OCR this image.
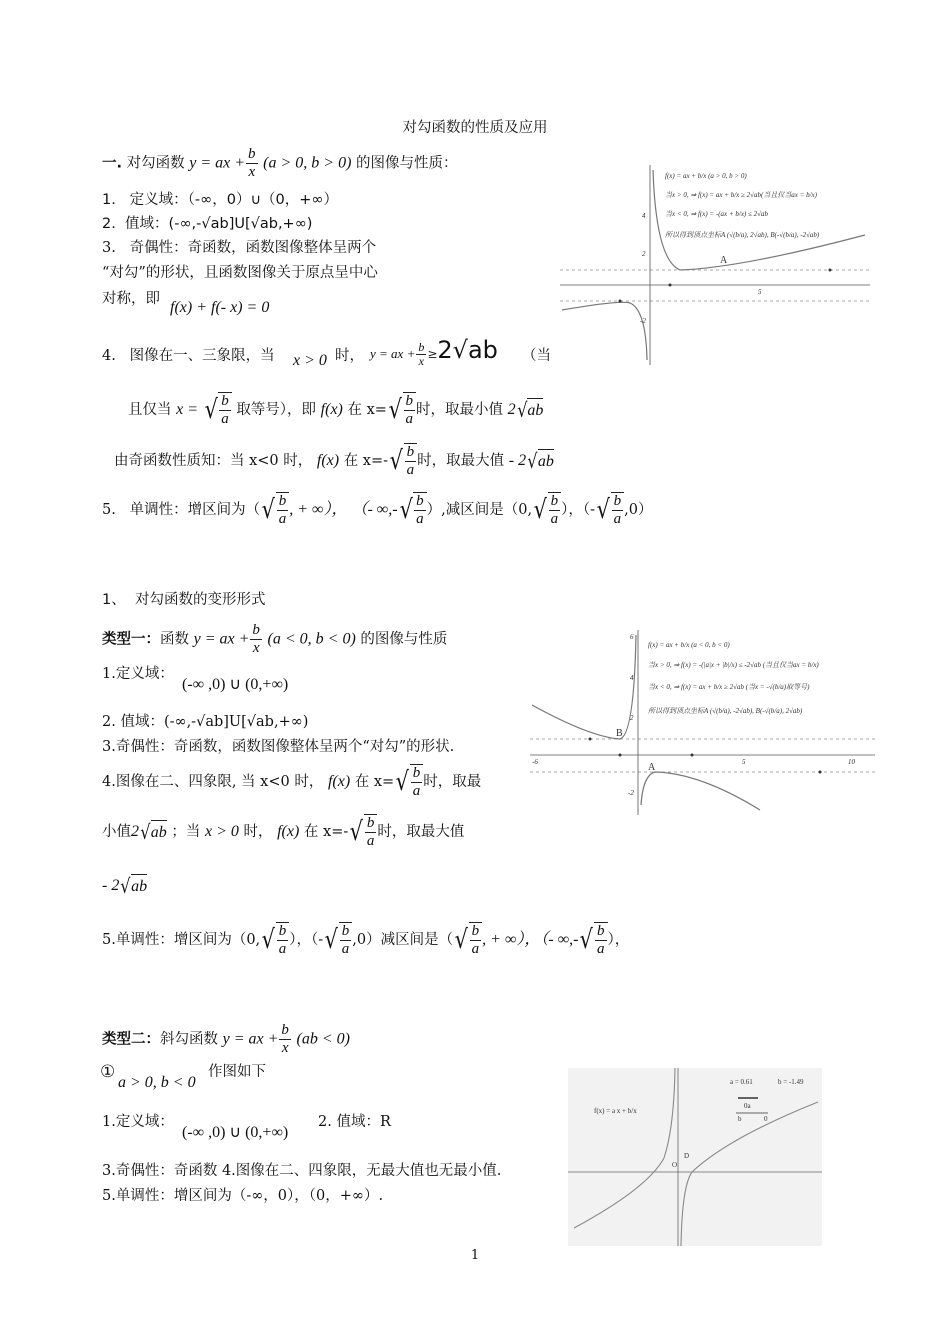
对勾函数的性质及应用
一. 对勾函数 y = ax + $\frac{b}{x} (a > 0$, b > 0) 的图像与性质：
1.   定义域：（-∞，0）∪（0，+∞）
2.  值域：(-∞,-√ab]U[√ab,+∞)
3.   奇偶性：奇函数，函数图像整体呈两个
“对勾”的形状，且函数图像关于原点呈中心
对称，即 f(x) + f(- x) = 0
4.   图像在一、三象限，当 x > 0 时， y = ax + $\frac{b}{x} \ge 2√ab$ （当
且仅当 x = √ $\frac{b}{a}$ 取等号），即 f(x) 在 x= √ $\frac{b}{a}$ 时，取最小值 2 √ ab
由奇函数性质知：当 x<0 时， f(x) 在 x=- √ $\frac{b}{a}$ 时，取最大值 - 2 √ ab
5.   单调性：增区间为（ √ $\frac{b}{a}$ , + ∞）， （- ∞,- √ $\frac{b}{a}$ ）,减区间是（0, √ $\frac{b}{a}$ ），（- √ $\frac{b}{a} ,0$）
A
4
2
-2
5
f(x) = ax + b/x (a > 0, b > 0)
当x > 0, ⇒ f(x) = ax + b/x ≥ 2√ab(当且仅当ax = b/x)
当x < 0, ⇒ f(x) = -(ax + b/x) ≤ 2√ab
所以得到顶点坐标A (√(b/a), 2√ab), B(-√(b/a), -2√ab)
1、  对勾函数的变形形式
类型一：函数 y = ax + $\frac{b}{x} (a < 0$, b < 0) 的图像与性质
1.定义域：
(-∞ ,0) ∪ (0,+∞)
2. 值域：(-∞,-√ab]U[√ab,+∞)
3.奇偶性：奇函数，函数图像整体呈两个“对勾”的形状.
4.图像在二、四象限, 当 x<0 时， f(x) 在 x= √ $\frac{b}{a}$ 时，取最
小值2 √ ab ；当 x > 0 时， f(x) 在 x=- √ $\frac{b}{a}$ 时，取最大值
- 2 √ ab
5.单调性：增区间为（0, √ $\frac{b}{a}$ ），（- √ $\frac{b}{a} ,0$）减区间是（ √ $\frac{b}{a}$ , + ∞），（- ∞,- √ $\frac{b}{a}$ ），
B
A
6
4
2
-2
-6	5	10
f(x) = ax + b/x (a < 0, b < 0)
当x > 0, ⇒ f(x) = -(|a|x + |b|/x) ≤ -2√ab (当且仅当ax = b/x)
当x < 0, ⇒ f(x) = ax + b/x ≥ 2√ab (当x = -√(b/a)取等号)
所以得到顶点坐标A (√(b/a), -2√ab), B(-√(b/a), 2√ab)
类型二：斜勾函数 y = ax + $\frac{b}{x} (ab < 0)$
①
a > 0, b < 0
作图如下
1.定义域：
(-∞ ,0) ∪ (0,+∞)
2. 值域：R
3.奇偶性：奇函数 4.图像在二、四象限，无最大值也无最小值.
5.单调性：增区间为（-∞，0），（0，+∞）.
f(x) = a x + b/x
a = 0.61	b = -1.49
0a
b	0
O
D
1
